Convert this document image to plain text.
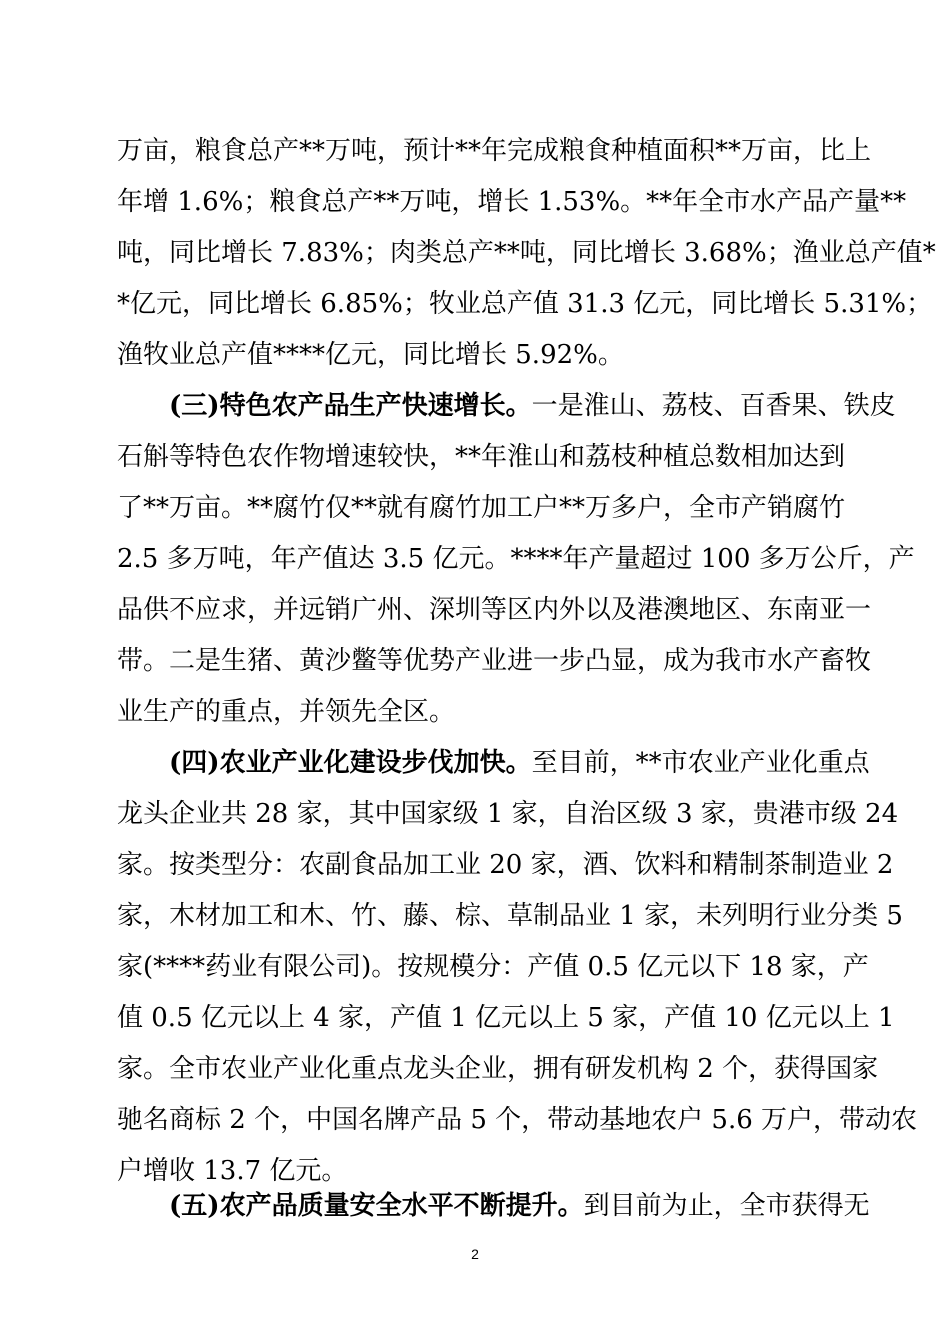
万亩，粮食总产**万吨，预计**年完成粮食种植面积**万亩，比上
年增 1.6%；粮食总产**万吨，增长 1.53%。**年全市水产品产量**
吨，同比增长 7.83%；肉类总产**吨，同比增长 3.68%；渔业总产值*
*亿元，同比增长 6.85%；牧业总产值 31.3 亿元，同比增长 5.31%；
渔牧业总产值****亿元，同比增长 5.92%。
(三)特色农产品生产快速增长。一是淮山、荔枝、百香果、铁皮
石斛等特色农作物增速较快，**年淮山和荔枝种植总数相加达到
了**万亩。**腐竹仅**就有腐竹加工户**万多户，全市产销腐竹
2.5 多万吨，年产值达 3.5 亿元。****年产量超过 100 多万公斤，产
品供不应求，并远销广州、深圳等区内外以及港澳地区、东南亚一
带。二是生猪、黄沙鳖等优势产业进一步凸显，成为我市水产畜牧
业生产的重点，并领先全区。
(四)农业产业化建设步伐加快。至目前，**市农业产业化重点
龙头企业共 28 家，其中国家级 1 家，自治区级 3 家，贵港市级 24
家。按类型分：农副食品加工业 20 家，酒、饮料和精制茶制造业 2
家，木材加工和木、竹、藤、棕、草制品业 1 家，未列明行业分类 5
家(****药业有限公司)。按规模分：产值 0.5 亿元以下 18 家，产
值 0.5 亿元以上 4 家，产值 1 亿元以上 5 家，产值 10 亿元以上 1
家。全市农业产业化重点龙头企业，拥有研发机构 2 个，获得国家
驰名商标 2 个，中国名牌产品 5 个，带动基地农户 5.6 万户，带动农
户增收 13.7 亿元。
(五)农产品质量安全水平不断提升。到目前为止，全市获得无
2
